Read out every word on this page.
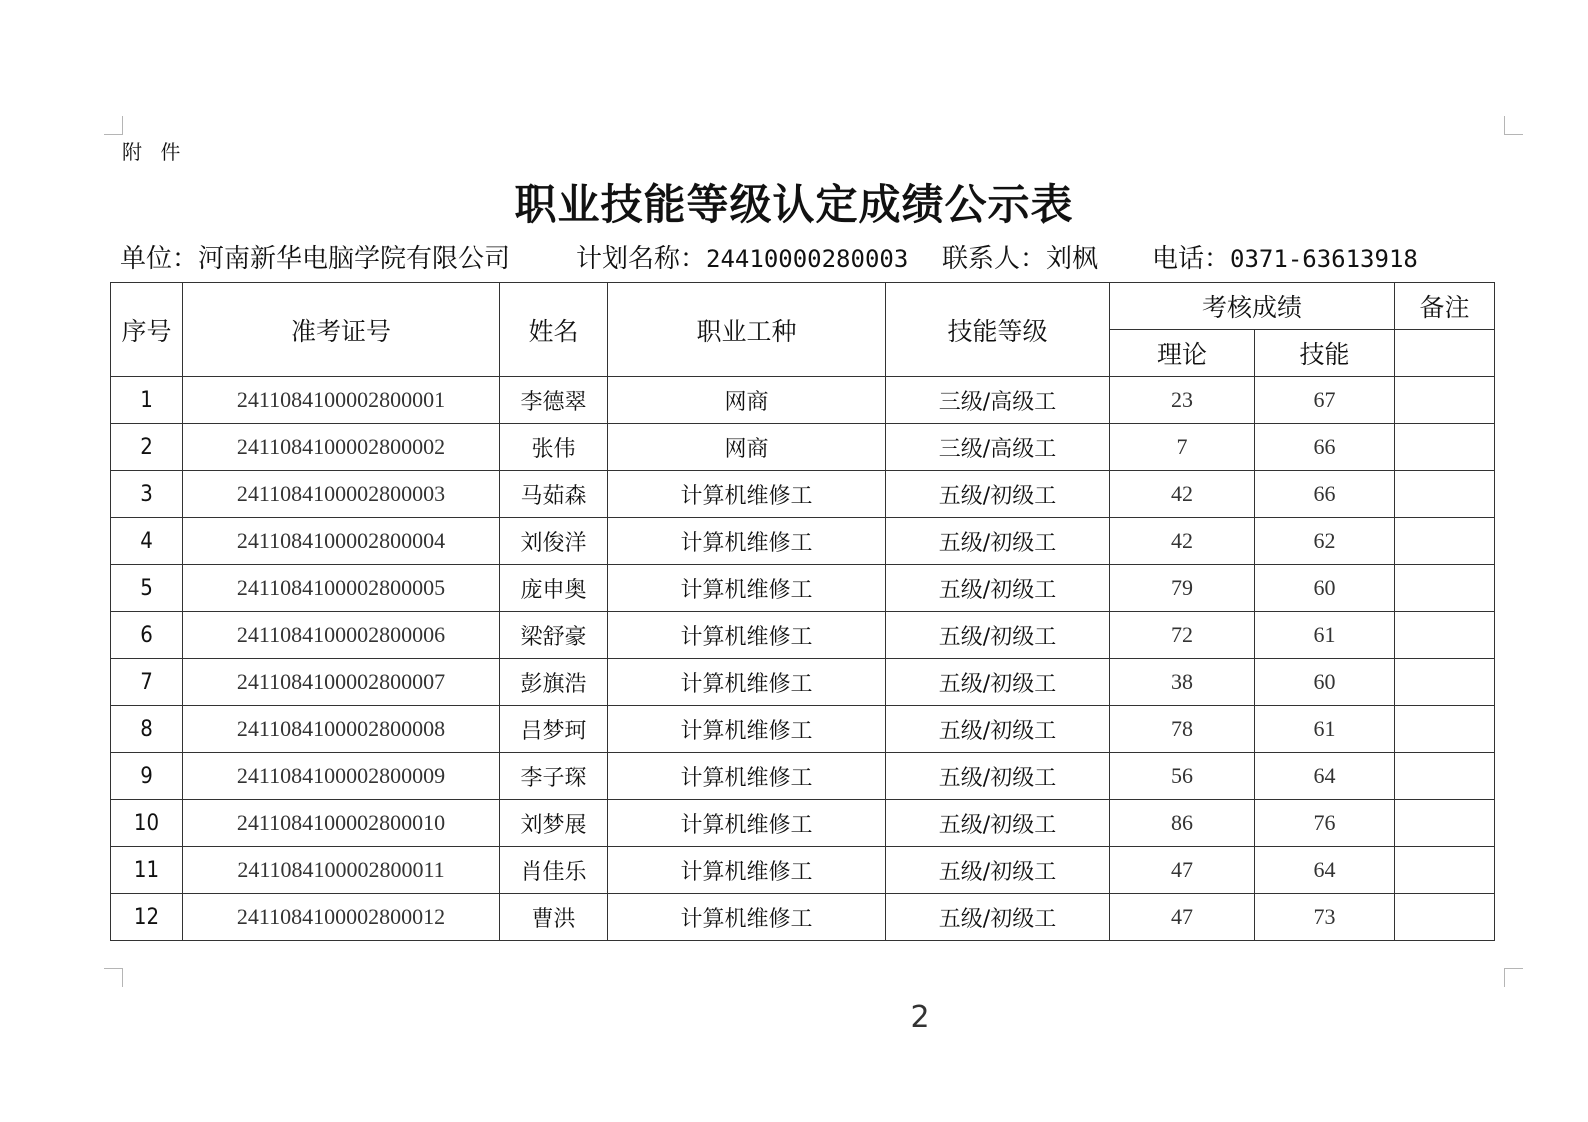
附 件
职业技能等级认定成绩公示表
单位：河南新华电脑学院有限公司	计划名称：24410000280003 联系人：刘枫 电话：0371-63613918
序号	准考证号	姓名	职业工种	技能等级	考核成绩		备注
					理论	技能	
1	2411084100002800001	李德翠	网商	三级/高级工	23	67	
2	2411084100002800002	张伟	网商	三级/高级工	7	66	
3	2411084100002800003	马茹森	计算机维修工	五级/初级工	42	66	
4	2411084100002800004	刘俊洋	计算机维修工	五级/初级工	42	62	
5	2411084100002800005	庞申奥	计算机维修工	五级/初级工	79	60	
6	2411084100002800006	梁舒豪	计算机维修工	五级/初级工	72	61	
7	2411084100002800007	彭旗浩	计算机维修工	五级/初级工	38	60	
8	2411084100002800008	吕梦珂	计算机维修工	五级/初级工	78	61	
9	2411084100002800009	李子琛	计算机维修工	五级/初级工	56	64	
10	2411084100002800010	刘梦展	计算机维修工	五级/初级工	86	76	
11	2411084100002800011	肖佳乐	计算机维修工	五级/初级工	47	64	
12	2411084100002800012	曹洪	计算机维修工	五级/初级工	47	73	
2
